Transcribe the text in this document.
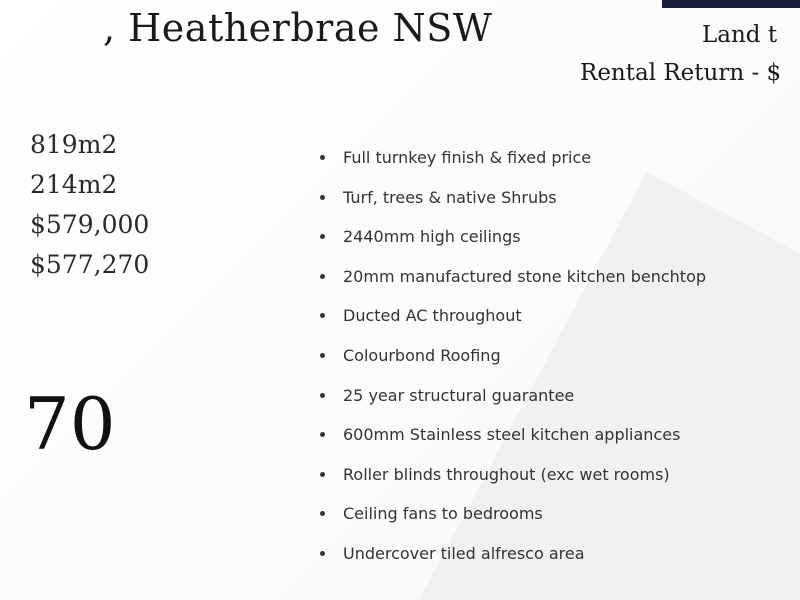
, Heatherbrae NSW	Land t
Rental Return - $
819m2
214m2
$579,000
$577,270
70
Full turnkey finish & fixed price
Turf, trees & native Shrubs
2440mm high ceilings
20mm manufactured stone kitchen benchtop
Ducted AC throughout
Colourbond Roofing
25 year structural guarantee
600mm Stainless steel kitchen appliances
Roller blinds throughout (exc wet rooms)
Ceiling fans to bedrooms
Undercover tiled alfresco area
